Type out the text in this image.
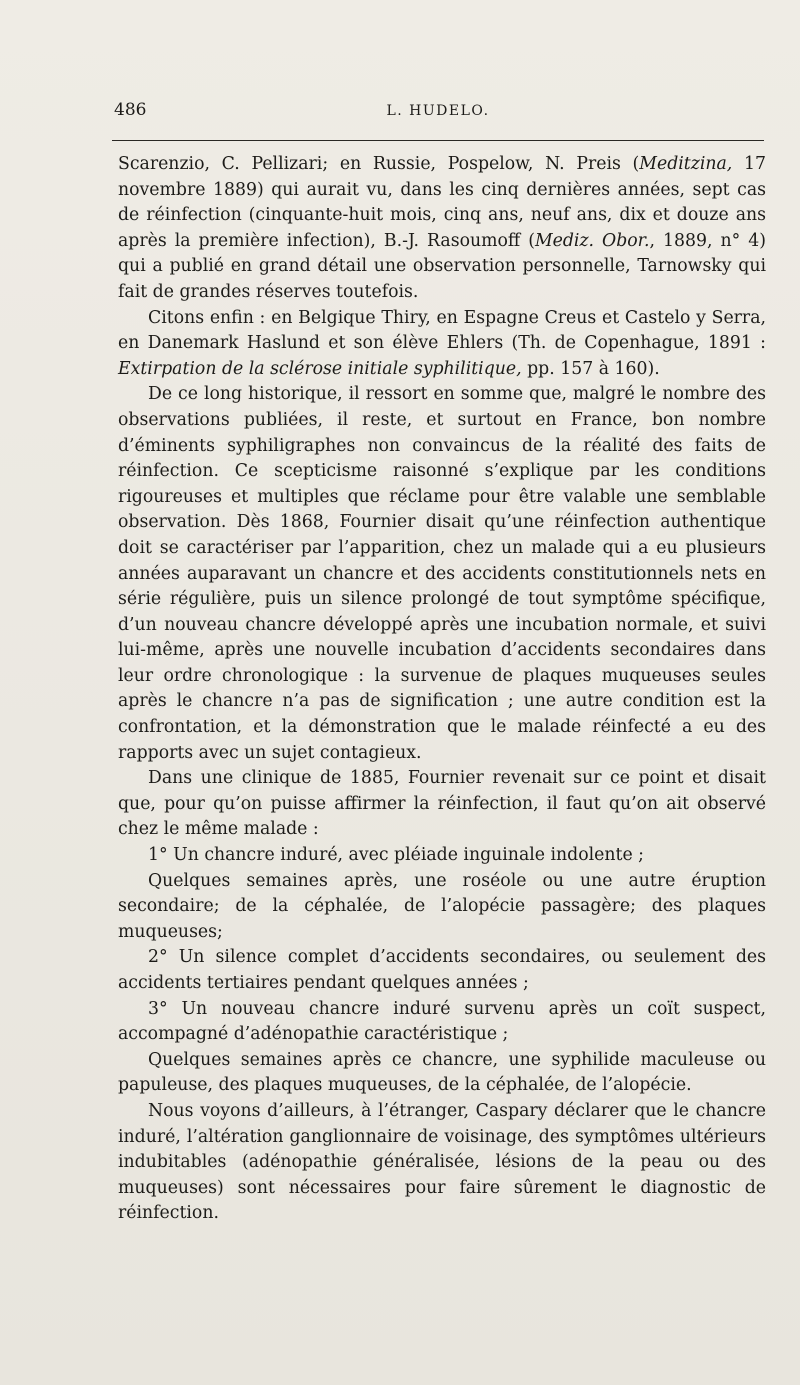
486	L. HUDELO.

Scarenzio, C. Pellizari; en Russie, Pospelow, N. Preis (Meditzina, 17 novembre 1889) qui aurait vu, dans les cinq dernières années, sept cas de réinfection (cinquante-huit mois, cinq ans, neuf ans, dix et douze ans après la première infection), B.-J. Rasoumoff (Mediz. Obor., 1889, n° 4) qui a publié en grand détail une observation personnelle, Tarnowsky qui fait de grandes réserves toutefois.

Citons enfin : en Belgique Thiry, en Espagne Creus et Castelo y Serra, en Danemark Haslund et son élève Ehlers (Th. de Copenhague, 1891 : Extirpation de la sclérose initiale syphilitique, pp. 157 à 160).

De ce long historique, il ressort en somme que, malgré le nombre des observations publiées, il reste, et surtout en France, bon nombre d’éminents syphiligraphes non convaincus de la réalité des faits de réinfection. Ce scepticisme raisonné s’explique par les conditions rigoureuses et multiples que réclame pour être valable une semblable observation. Dès 1868, Fournier disait qu’une réinfection authentique doit se caractériser par l’apparition, chez un malade qui a eu plusieurs années auparavant un chancre et des accidents constitutionnels nets en série régulière, puis un silence prolongé de tout symptôme spécifique, d’un nouveau chancre développé après une incubation normale, et suivi lui-même, après une nouvelle incubation d’accidents secondaires dans leur ordre chronologique : la survenue de plaques muqueuses seules après le chancre n’a pas de signification ; une autre condition est la confrontation, et la démonstration que le malade réinfecté a eu des rapports avec un sujet contagieux.

Dans une clinique de 1885, Fournier revenait sur ce point et disait que, pour qu’on puisse affirmer la réinfection, il faut qu’on ait observé chez le même malade :

1° Un chancre induré, avec pléiade inguinale indolente ;

Quelques semaines après, une roséole ou une autre éruption secondaire; de la céphalée, de l’alopécie passagère; des plaques muqueuses;

2° Un silence complet d’accidents secondaires, ou seulement des accidents tertiaires pendant quelques années ;

3° Un nouveau chancre induré survenu après un coït suspect, accompagné d’adénopathie caractéristique ;

Quelques semaines après ce chancre, une syphilide maculeuse ou papuleuse, des plaques muqueuses, de la céphalée, de l’alopécie.

Nous voyons d’ailleurs, à l’étranger, Caspary déclarer que le chancre induré, l’altération ganglionnaire de voisinage, des symptômes ultérieurs indubitables (adénopathie généralisée, lésions de la peau ou des muqueuses) sont nécessaires pour faire sûrement le diagnostic de réinfection.
